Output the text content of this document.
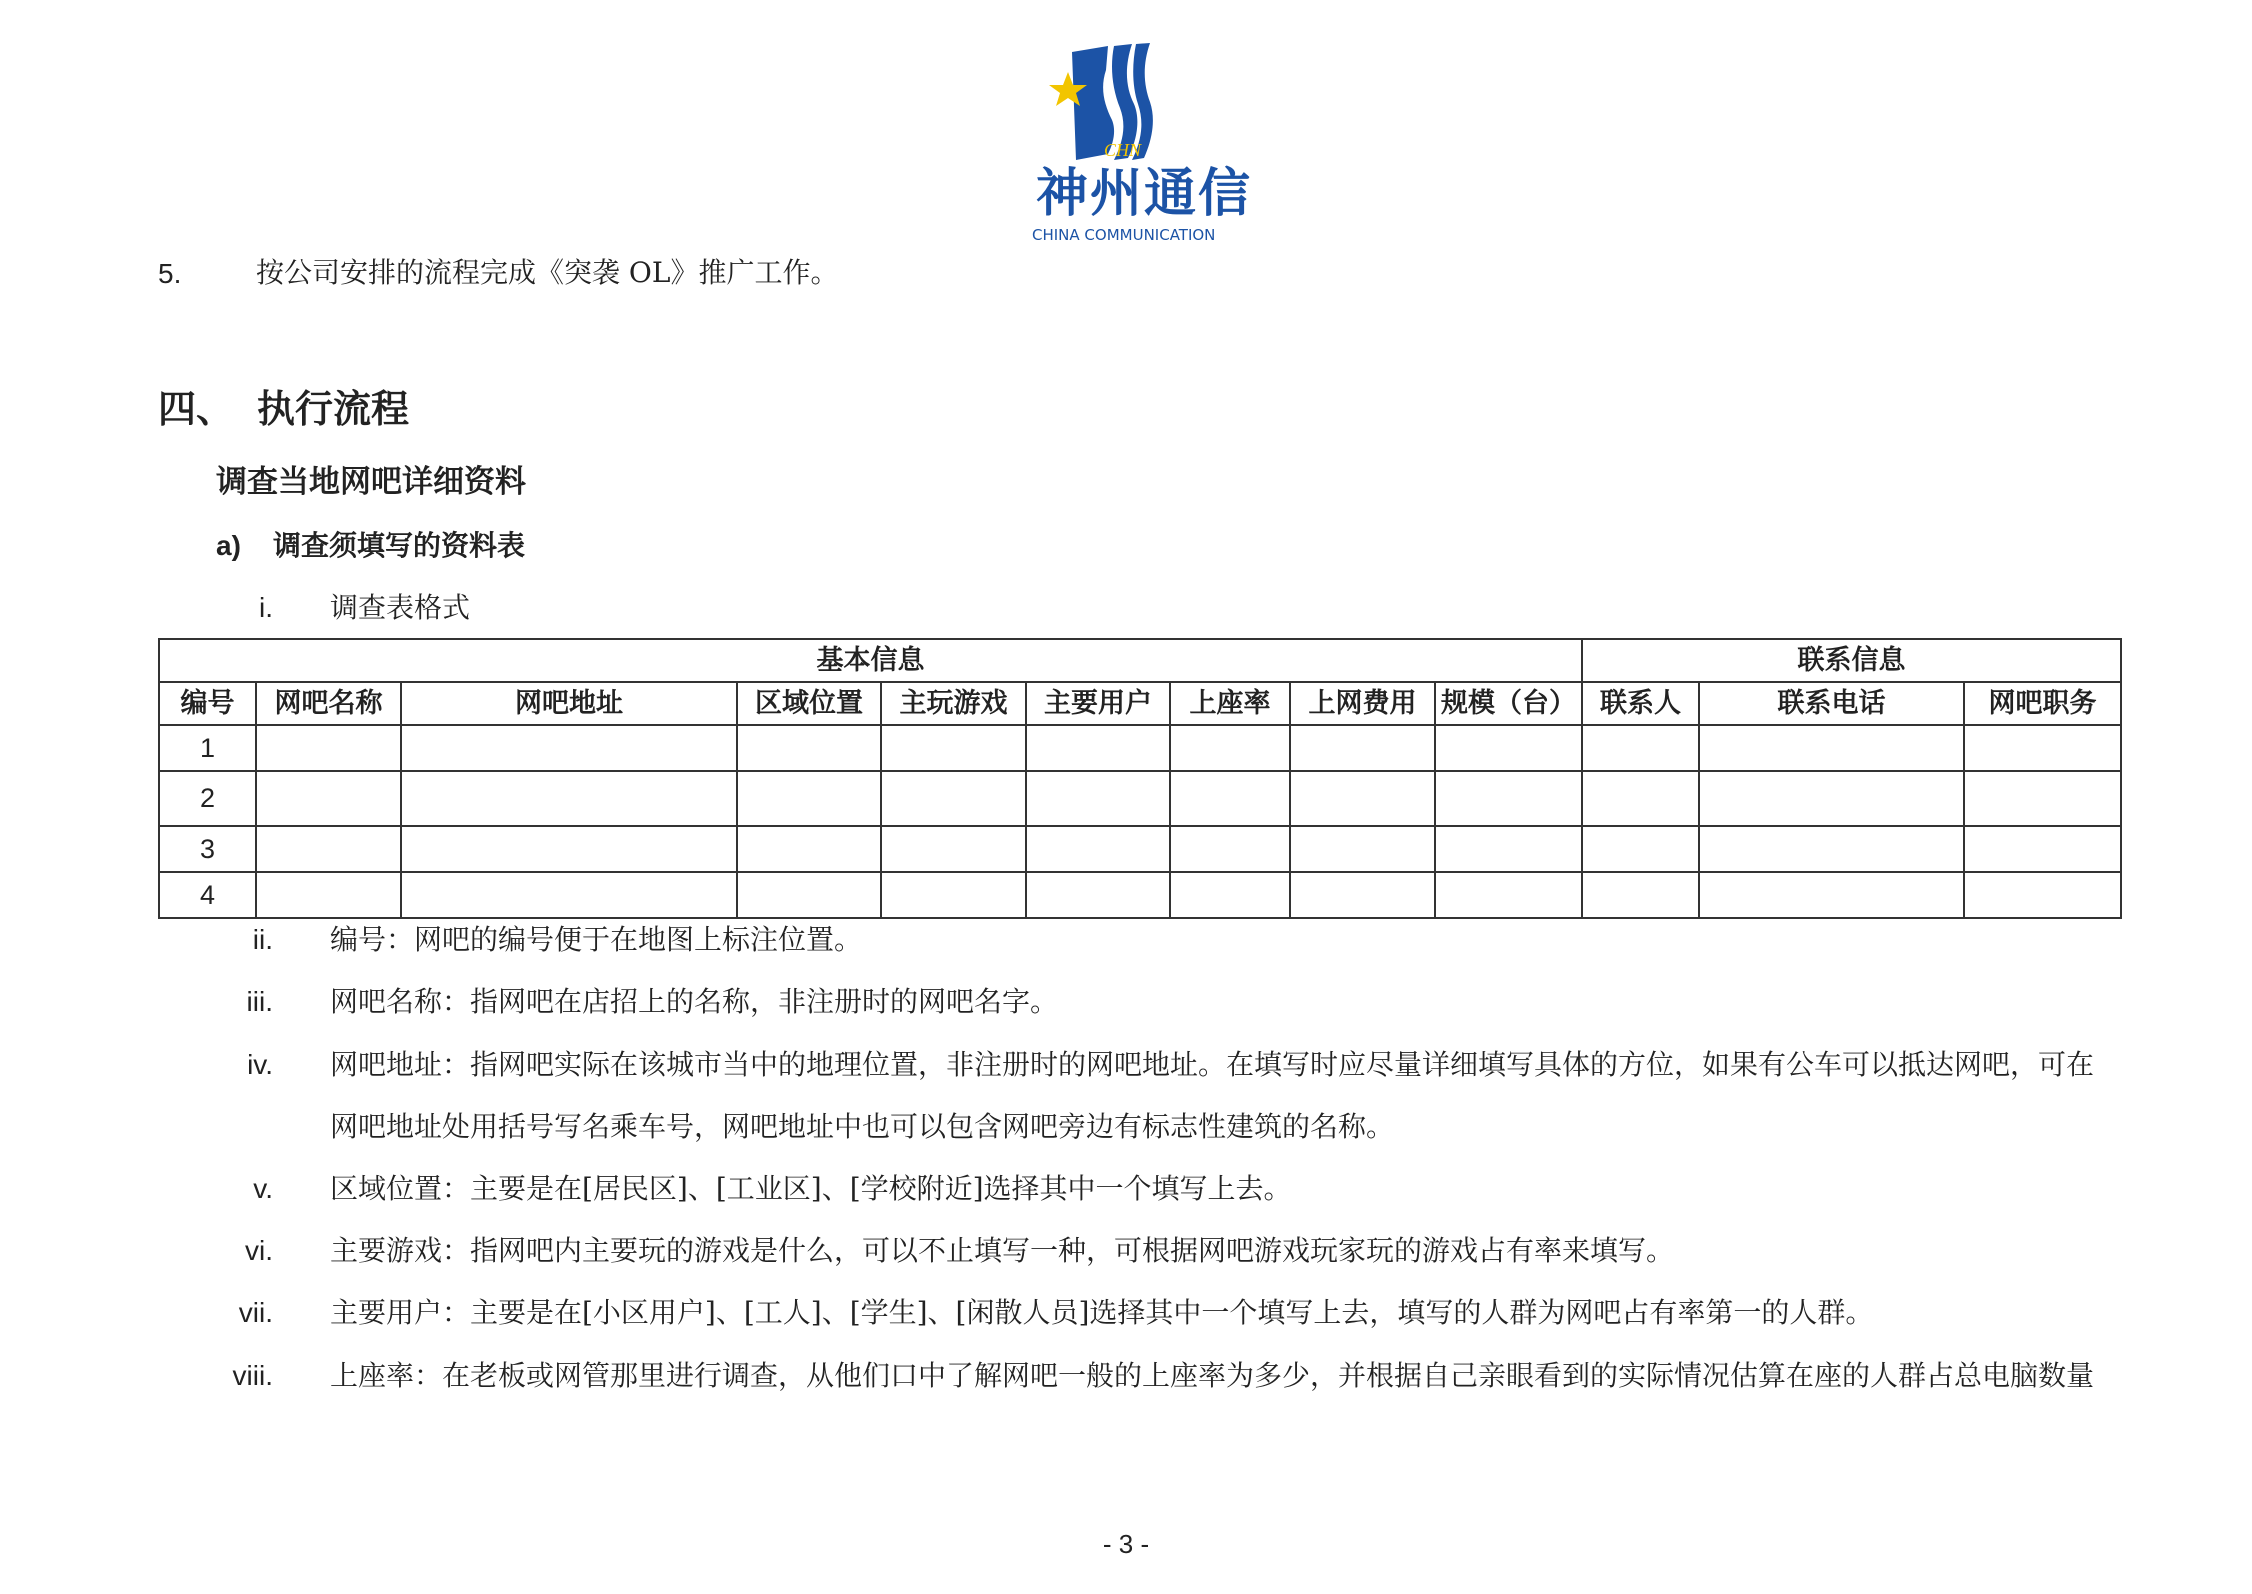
CHN
神州通信
CHINA COMMUNICATION
5.	按公司安排的流程完成《突袭 OL》推广工作。
四、 执行流程
调查当地网吧详细资料
a) 调查须填写的资料表
i. 调查表格式
基本信息									联系信息		
编号	网吧名称	网吧地址	区域位置	主玩游戏	主要用户	上座率	上网费用	规模（台）	联系人	联系电话	网吧职务
1											
2											
3											
4											
ii. 编号：网吧的编号便于在地图上标注位置。
iii. 网吧名称：指网吧在店招上的名称，非注册时的网吧名字。
iv. 网吧地址：指网吧实际在该城市当中的地理位置，非注册时的网吧地址。在填写时应尽量详细填写具体的方位，如果有公车可以抵达网吧，可在
网吧地址处用括号写名乘车号，网吧地址中也可以包含网吧旁边有标志性建筑的名称。
v. 区域位置：主要是在[居民区]、[工业区]、[学校附近]选择其中一个填写上去。
vi. 主要游戏：指网吧内主要玩的游戏是什么，可以不止填写一种，可根据网吧游戏玩家玩的游戏占有率来填写。
vii. 主要用户：主要是在[小区用户]、[工人]、[学生]、[闲散人员]选择其中一个填写上去，填写的人群为网吧占有率第一的人群。
viii. 上座率：在老板或网管那里进行调查，从他们口中了解网吧一般的上座率为多少，并根据自己亲眼看到的实际情况估算在座的人群占总电脑数量
- 3 -
